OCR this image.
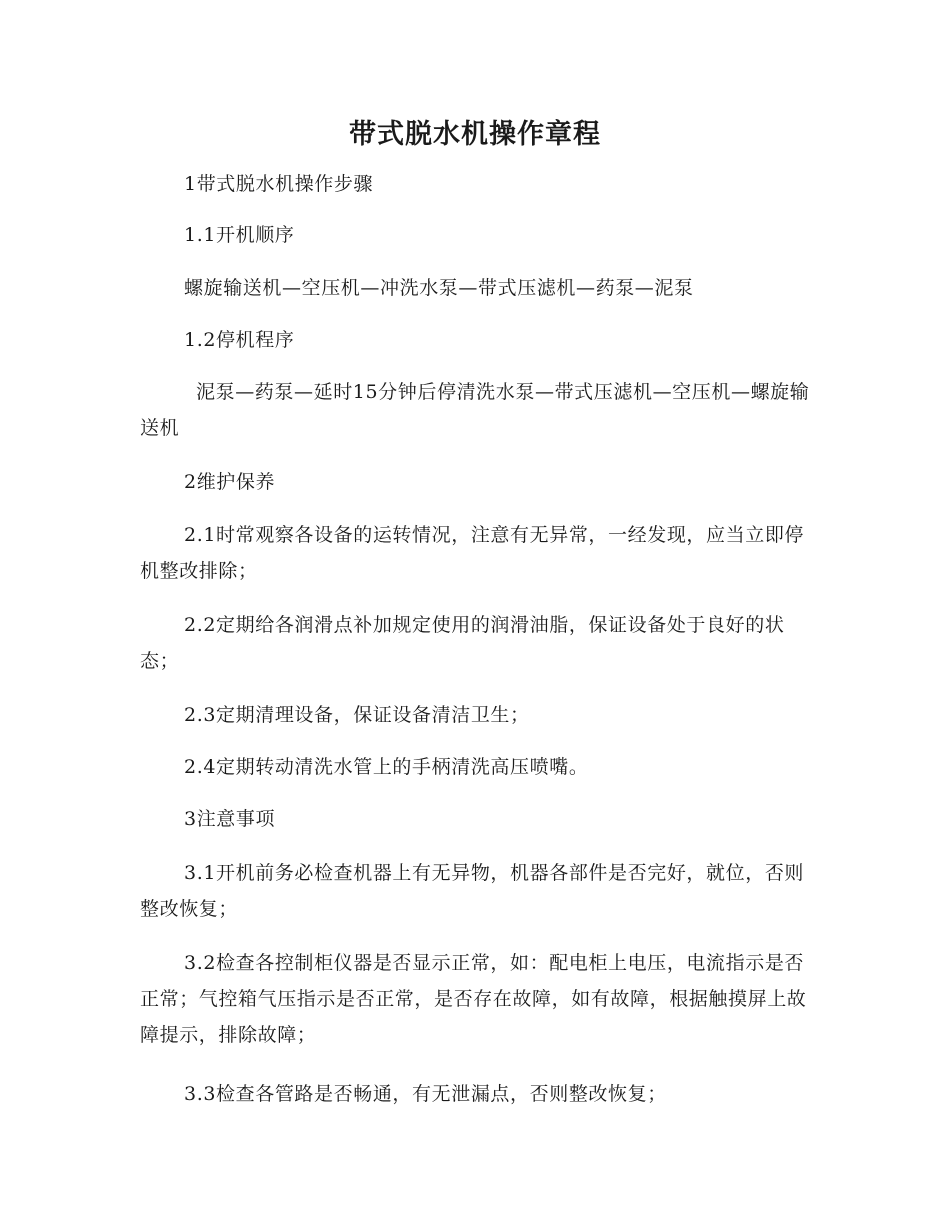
带式脱水机操作章程

1带式脱水机操作步骤

1.1开机顺序

螺旋输送机—空压机—冲洗水泵—带式压滤机—药泵—泥泵

1.2停机程序

泥泵—药泵—延时15分钟后停清洗水泵—带式压滤机—空压机—螺旋输送机

2维护保养

2.1时常观察各设备的运转情况，注意有无异常，一经发现，应当立即停机整改排除；

2.2定期给各润滑点补加规定使用的润滑油脂，保证设备处于良好的状态；

2.3定期清理设备，保证设备清洁卫生；

2.4定期转动清洗水管上的手柄清洗高压喷嘴。

3注意事项

3.1开机前务必检查机器上有无异物，机器各部件是否完好，就位，否则整改恢复；

3.2检查各控制柜仪器是否显示正常，如：配电柜上电压，电流指示是否正常；气控箱气压指示是否正常，是否存在故障，如有故障，根据触摸屏上故障提示，排除故障；

3.3检查各管路是否畅通，有无泄漏点，否则整改恢复；
